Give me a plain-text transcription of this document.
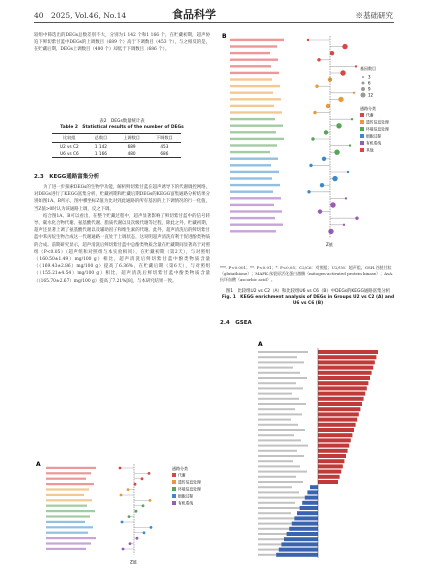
40　 2025, Vol.46, No.14	食品科学	※基础研究

较组中筛选出的DEGs总数差别不大，分别为1 142 个和1 166 个，在贮藏初期，超声协迫下鲜切紫甘蓝中DEGs的上调数目（689 个）高于下调数目（453 个），与之相反的是，在贮藏后期，DEGs上调数目（480 个）却低于下调数目（686 个）。

表2　DEGs数量统计表
Table 2　Statistical results of the number of DEGs
比较组	总数目	上调数目	下调数目
U2 vs C2	1 142	689	453
U6 vs C6	1 166	480	686
2.3　KEGG通路富集分析

为了进一步探索DEGs的生物学功能，解析鲜切紫甘蓝在超声诱导下的代谢调控网络，对DEGs进行了KEGG富集分析，贮藏初期和贮藏后期DEGs的KEGG富集通路分析结果分别如图1A、B所示，图中横坐标Z值为比对到此通路的所有基因的上下调情况的行一化值，当Z值>0时认为该通路上调，反之下调。

结合图1A、B可以看出，在整个贮藏过程中，超声显著影响了鲜切紫甘蓝中的信号转导、碳水化合物代谢、氨基酸代谢、脂质代谢以及次级代谢等过程，除此之外，贮藏初期，超声还显著上调了氨基酸代谢以及辅助因子和维生素的代谢。此外，超声清洗后的鲜切紫甘蓝中苯丙烷生物合成这一代谢通路一直处于上调状态，这说明超声清洗有利于促进酚类物质的合成。前期研究显示，超声清洗后鲜切紫甘蓝中总酚类物质含量在贮藏期间显著高于对照组（P<0.05）（超声组和对照组与本实验相同），在贮藏初期（第2天），与对照组（160.50±1.49）mg/100 g）相比，超声清洗后鲜切紫甘蓝中酚类物质含量（（169.43±2.86）mg/100 g）提高了6.36%，在贮藏后期（第6天），与对照组（（155.21±4.54）mg/100 g）相比，超声清洗后鲜切紫甘蓝中酚类物质含量（（165.70±2.67）mg/100 g）提高了7.21%[8]，与本研究结果一致。

A
通路分类
代谢
遗传信息处理
环境信息处理
细胞过程
有机系统
Z值
B
基因数目
3
6
9
12
通路分类
代谢
遗传信息处理
环境信息处理
细胞过程
有机系统
其他
Z值
***. P<0.001；**. P<0.01；*. P<0.05；C2/C6：对照组；U2/U6：超声组。GSH.谷胱甘肽（glutathione）；MAPK.丝裂原活化蛋白激酶（mitogen-activated protein kinase）；AsA.抗坏血酸（ascorbic acid）。
图1　比较组U2 vs C2（A）和比较组U6 vs C6（B）中DEGs的KEGG通路富集分析
Fig. 1　KEGG enrichment analysis of DEGs in Groups U2 vs C2 (A) and U6 vs C6 (B)
2.4　GSEA
A
